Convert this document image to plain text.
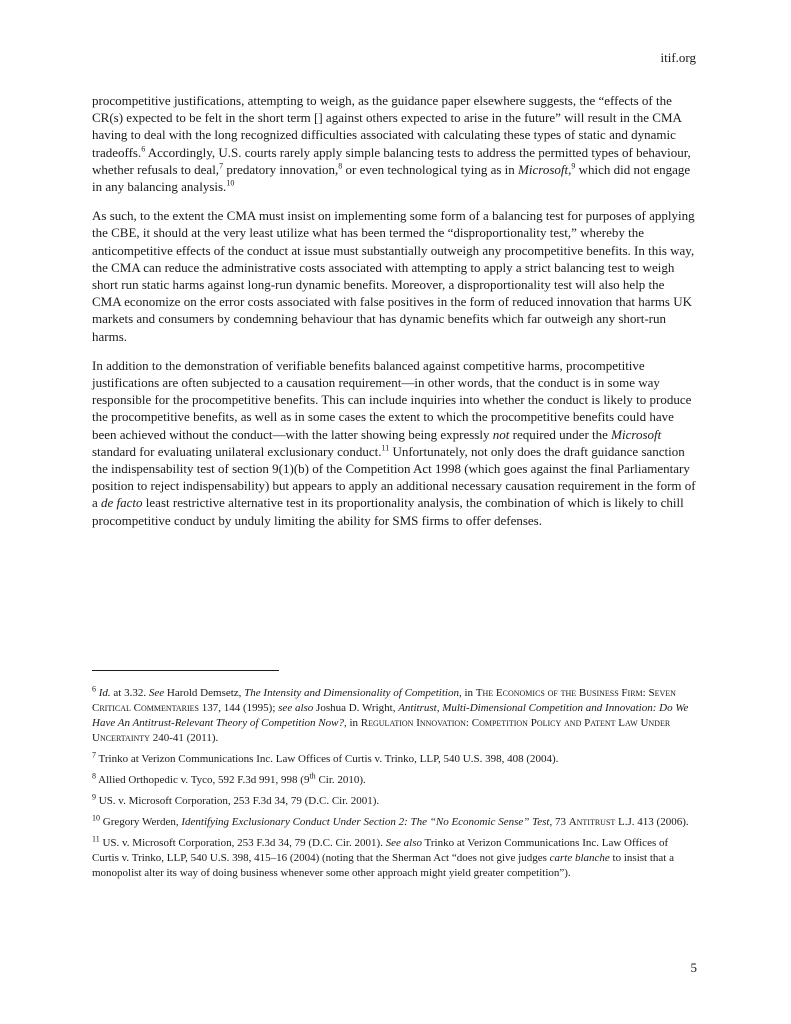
itif.org

procompetitive justifications, attempting to weigh, as the guidance paper elsewhere suggests, the “effects of the CR(s) expected to be felt in the short term [] against others expected to arise in the future” will result in the CMA having to deal with the long recognized difficulties associated with calculating these types of static and dynamic tradeoffs.$^6$ Accordingly, U.S. courts rarely apply simple balancing tests to address the permitted types of behaviour, whether refusals to deal,$^7$ predatory innovation,$^8$ or even technological tying as in Microsoft,$^9$ which did not engage in any balancing analysis.$^{10}$

As such, to the extent the CMA must insist on implementing some form of a balancing test for purposes of applying the CBE, it should at the very least utilize what has been termed the “disproportionality test,” whereby the anticompetitive effects of the conduct at issue must substantially outweigh any procompetitive benefits. In this way, the CMA can reduce the administrative costs associated with attempting to apply a strict balancing test to weigh short run static harms against long-run dynamic benefits. Moreover, a disproportionality test will also help the CMA economize on the error costs associated with false positives in the form of reduced innovation that harms UK markets and consumers by condemning behaviour that has dynamic benefits which far outweigh any short-run harms.

In addition to the demonstration of verifiable benefits balanced against competitive harms, procompetitive justifications are often subjected to a causation requirement—in other words, that the conduct is in some way responsible for the procompetitive benefits. This can include inquiries into whether the conduct is likely to produce the procompetitive benefits, as well as in some cases the extent to which the procompetitive benefits could have been achieved without the conduct—with the latter showing being expressly not required under the Microsoft standard for evaluating unilateral exclusionary conduct.$^{11}$ Unfortunately, not only does the draft guidance sanction the indispensability test of section 9(1)(b) of the Competition Act 1998 (which goes against the final Parliamentary position to reject indispensability) but appears to apply an additional necessary causation requirement in the form of a de facto least restrictive alternative test in its proportionality analysis, the combination of which is likely to chill procompetitive conduct by unduly limiting the ability for SMS firms to offer defenses.

$^6$ Id. at 3.32. See Harold Demsetz, The Intensity and Dimensionality of Competition, in The Economics of the Business Firm: Seven Critical Commentaries 137, 144 (1995); see also Joshua D. Wright, Antitrust, Multi-Dimensional Competition and Innovation: Do We Have An Antitrust-Relevant Theory of Competition Now?, in Regulation Innovation: Competition Policy and Patent Law Under Uncertainty 240-41 (2011).
$^7$ Trinko at Verizon Communications Inc. Law Offices of Curtis v. Trinko, LLP, 540 U.S. 398, 408 (2004).
$^8$ Allied Orthopedic v. Tyco, 592 F.3d 991, 998 (9th Cir. 2010).
$^9$ US. v. Microsoft Corporation, 253 F.3d 34, 79 (D.C. Cir. 2001).
$^{10}$ Gregory Werden, Identifying Exclusionary Conduct Under Section 2: The “No Economic Sense” Test, 73 Antitrust L.J. 413 (2006).
$^{11}$ US. v. Microsoft Corporation, 253 F.3d 34, 79 (D.C. Cir. 2001). See also Trinko at Verizon Communications Inc. Law Offices of Curtis v. Trinko, LLP, 540 U.S. 398, 415–16 (2004) (noting that the Sherman Act “does not give judges carte blanche to insist that a monopolist alter its way of doing business whenever some other approach might yield greater competition”).
5
